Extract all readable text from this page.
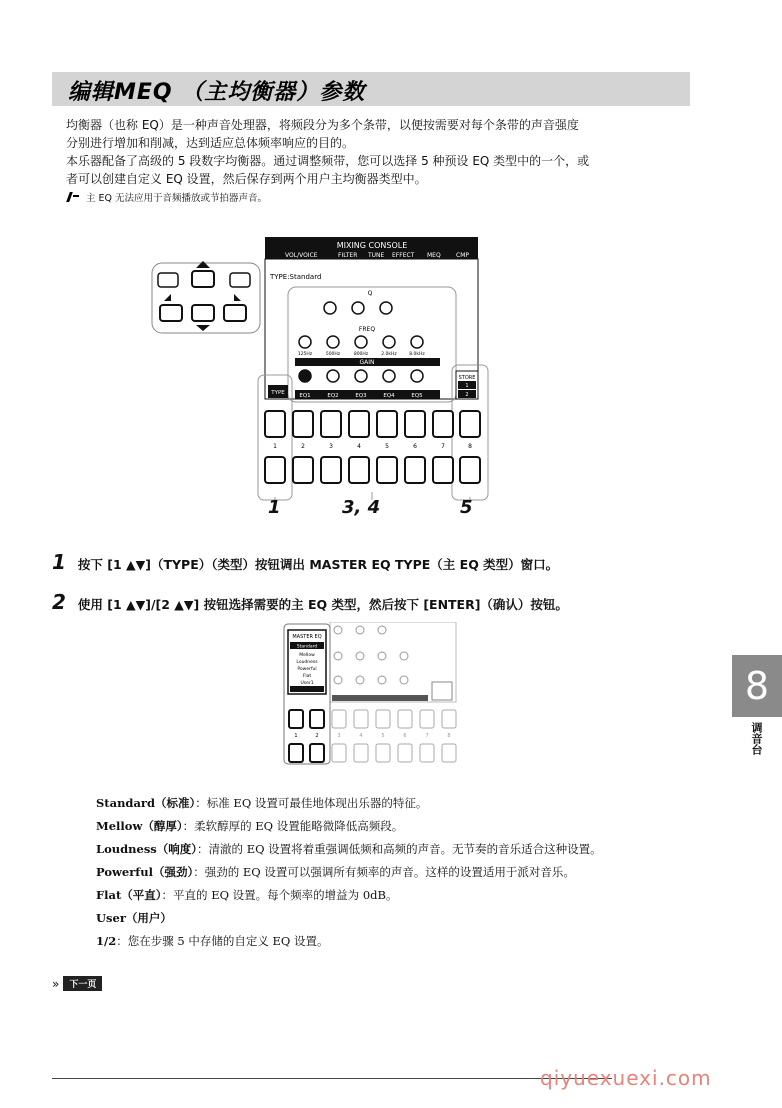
编辑MEQ （主均衡器）参数

均衡器（也称 EQ）是一种声音处理器，将频段分为多个条带，以便按需要对每个条带的声音强度

分别进行增加和削减，达到适应总体频率响应的目的。

本乐器配备了高级的 5 段数字均衡器。通过调整频带，您可以选择 5 种预设 EQ 类型中的一个，或

者可以创建自定义 EQ 设置，然后保存到两个用户主均衡器类型中。

主 EQ 无法应用于音频播放或节拍器声音。
MIXING CONSOLE
VOL/VOICE	FILTER TUNE EFFECT MEQ	CMP
TYPE:Standard
Q
FREQ
125Hz	500Hz	800Hz	2.0kHz	8.0kHz
GAIN
TYPE	EQ1	EQ2	EQ3	EQ4	EQ5
STORE
1
2
1	2	3	4	5	6	7	8
1	3, 4	5
1 按下 [1 ▲▼]（TYPE）（类型）按钮调出 MASTER EQ TYPE（主 EQ 类型）窗口。
2 使用 [1 ▲▼]/[2 ▲▼] 按钮选择需要的主 EQ 类型，然后按下 [ENTER]（确认）按钮。
MASTER EQ
Standard
Mellow
Loudness
Powerful
Flat
User1
1	2	3	4	5	6	7	8
Standard（标准）：标准 EQ 设置可最佳地体现出乐器的特征。
Mellow（醇厚）：柔软醇厚的 EQ 设置能略微降低高频段。
Loudness（响度）：清澈的 EQ 设置将着重强调低频和高频的声音。无节奏的音乐适合这种设置。
Powerful（强劲）：强劲的 EQ 设置可以强调所有频率的声音。这样的设置适用于派对音乐。
Flat（平直）：平直的 EQ 设置。每个频率的增益为 0dB。
User（用户）
1/2：您在步骤 5 中存储的自定义 EQ 设置。
8
调音台
»	下一页
qiyuexuexi.com
